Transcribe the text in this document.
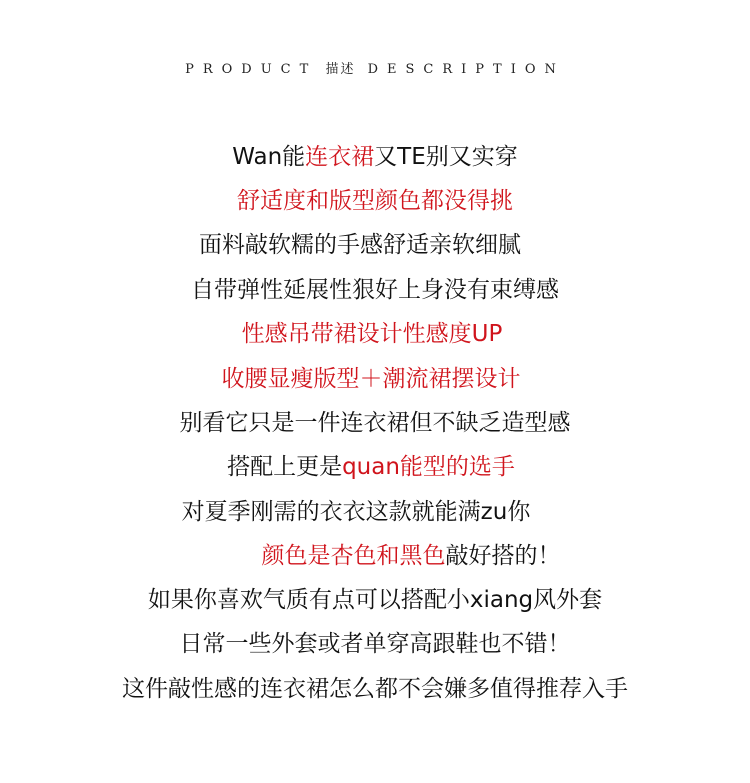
PRODUCT 描述 DESCRIPTION
Wan能连衣裙又TE别又实穿
舒适度和版型颜色都没得挑
面料敲软糯的手感舒适亲软细腻
自带弹性延展性狠好上身没有束缚感
性感吊带裙设计性感度UP
收腰显瘦版型＋潮流裙摆设计
别看它只是一件连衣裙但不缺乏造型感
搭配上更是quan能型的选手
对夏季刚需的衣衣这款就能满zu你
颜色是杏色和黑色敲好搭的！
如果你喜欢气质有点可以搭配小xiang风外套
日常一些外套或者单穿高跟鞋也不错！
这件敲性感的连衣裙怎么都不会嫌多值得推荐入手
